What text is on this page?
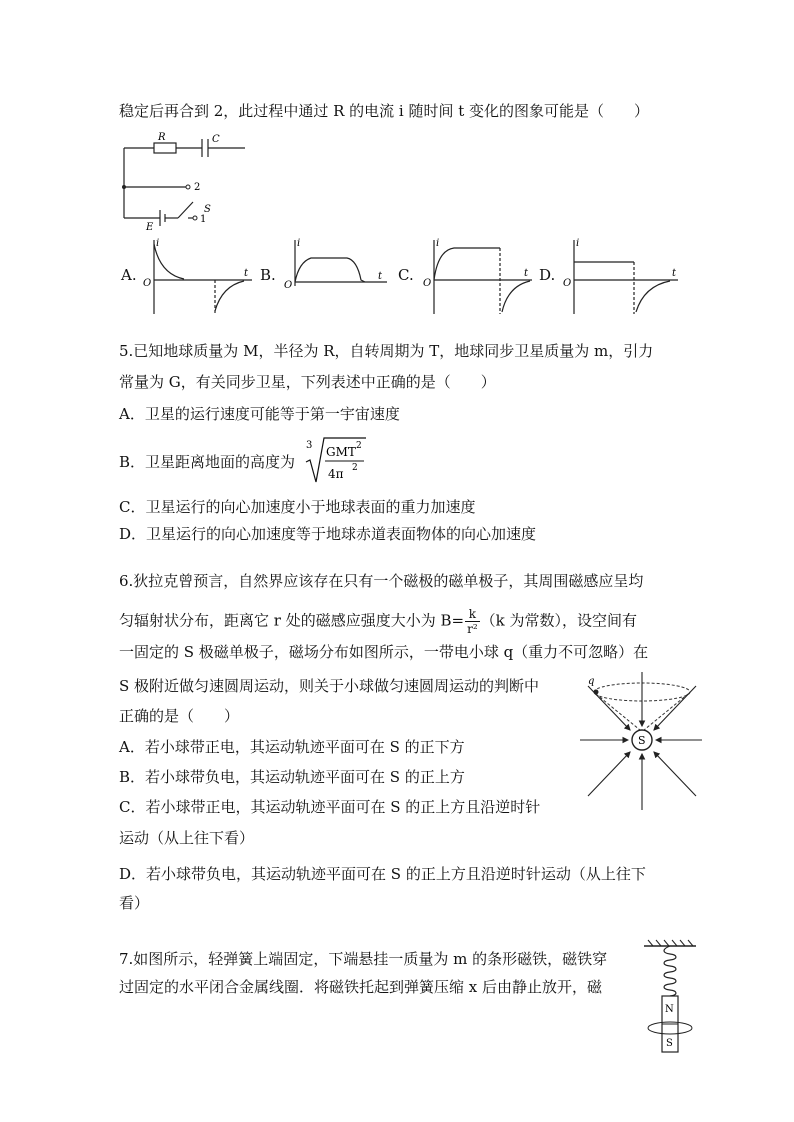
稳定后再合到 2，此过程中通过 R 的电流 i 随时间 t 变化的图象可能是（　　）
R	C
2
S
1
E
A.
i
t
O	B.
i
t
O
C.
i
t
O	D.
i
t
O
5.已知地球质量为 M，半径为 R，自转周期为 T，地球同步卫星质量为 m，引力
常量为 G，有关同步卫星，下列表述中正确的是（　　）
A．卫星的运行速度可能等于第一宇宙速度
B．卫星距离地面的高度为
3 GMT 2
4π 2
C．卫星运行的向心加速度小于地球表面的重力加速度
D．卫星运行的向心加速度等于地球赤道表面物体的向心加速度
6.狄拉克曾预言，自然界应该存在只有一个磁极的磁单极子，其周围磁感应呈均
匀辐射状分布，距离它 r 处的磁感应强度大小为 $B= \frac{k}{\text{r²}} (k$ 为常数），设空间有
一固定的 S 极磁单极子，磁场分布如图所示，一带电小球 q（重力不可忽略）在
S 极附近做匀速圆周运动，则关于小球做匀速圆周运动的判断中
正确的是（　　）
A．若小球带正电，其运动轨迹平面可在 S 的正下方
B．若小球带负电，其运动轨迹平面可在 S 的正上方
C．若小球带正电，其运动轨迹平面可在 S 的正上方且沿逆时针
运动（从上往下看）
D．若小球带负电，其运动轨迹平面可在 S 的正上方且沿逆时针运动（从上往下
看）
q
S
7.如图所示，轻弹簧上端固定，下端悬挂一质量为 m 的条形磁铁，磁铁穿
过固定的水平闭合金属线圈．将磁铁托起到弹簧压缩 x 后由静止放开，磁
N
S
